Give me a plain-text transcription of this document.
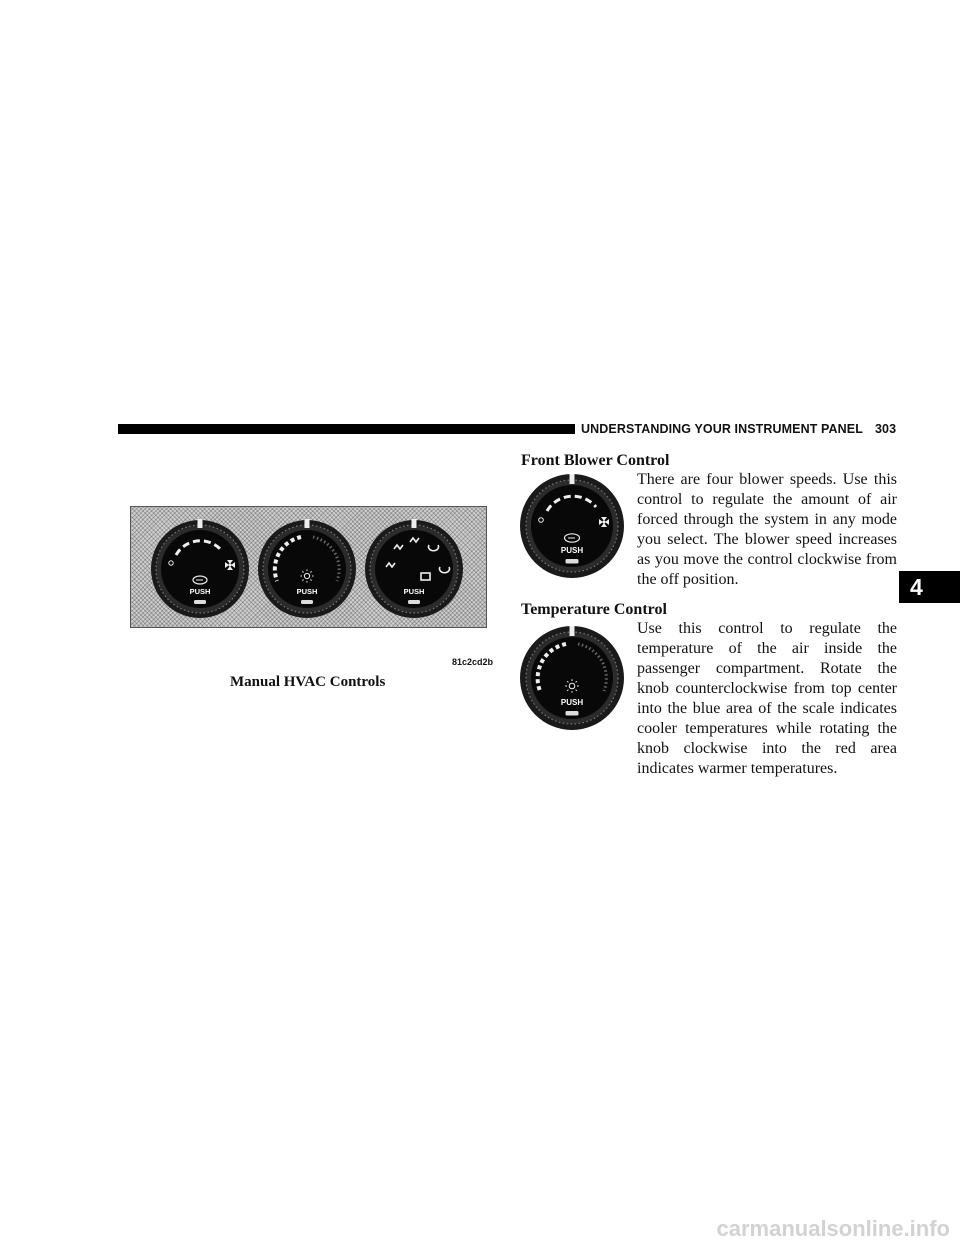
UNDERSTANDING YOUR INSTRUMENT PANEL 303
4
PUSH	PUSH	PUSH
81c2cd2b
Manual HVAC Controls
Front Blower Control
PUSH
There are four blower speeds. Use this control to regulate the amount of air forced through the system in any mode you select. The blower speed increases as you move the control clockwise from the off position.
Temperature Control
PUSH
Use this control to regulate the temperature of the air inside the passenger compartment. Rotate the knob counterclockwise from top center into the blue area of the scale indicates cooler temperatures while rotating the knob clockwise into the red area indicates warmer temperatures.
carmanualsonline.info
